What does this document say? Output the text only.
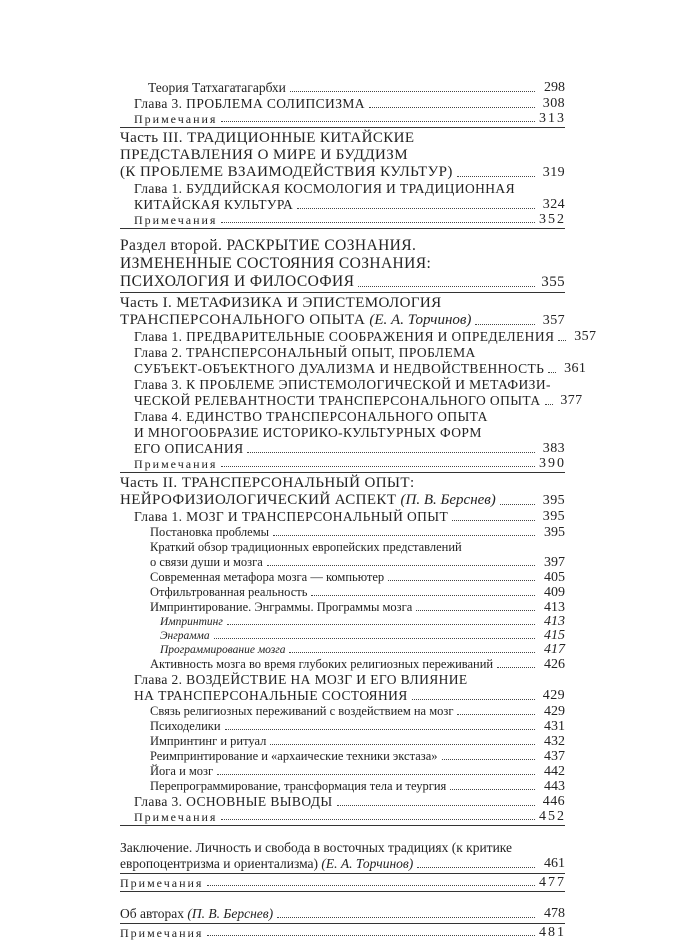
Теория Татхагатагарбхи	298
Глава 3. ПРОБЛЕМА СОЛИПСИЗМА	308
Примечания	313
Часть III. ТРАДИЦИОННЫЕ КИТАЙСКИЕ
ПРЕДСТАВЛЕНИЯ О МИРЕ И БУДДИЗМ
(К ПРОБЛЕМЕ ВЗАИМОДЕЙСТВИЯ КУЛЬТУР)	319
Глава 1. БУДДИЙСКАЯ КОСМОЛОГИЯ И ТРАДИЦИОННАЯ
КИТАЙСКАЯ КУЛЬТУРА	324
Примечания	352
Раздел второй. РАСКРЫТИЕ СОЗНАНИЯ.
ИЗМЕНЕННЫЕ СОСТОЯНИЯ СОЗНАНИЯ:
ПСИХОЛОГИЯ И ФИЛОСОФИЯ	355
Часть I. МЕТАФИЗИКА И ЭПИСТЕМОЛОГИЯ
ТРАНСПЕРСОНАЛЬНОГО ОПЫТА (Е. А. Торчинов)	357
Глава 1. ПРЕДВАРИТЕЛЬНЫЕ СООБРАЖЕНИЯ И ОПРЕДЕЛЕНИЯ 357
Глава 2. ТРАНСПЕРСОНАЛЬНЫЙ ОПЫТ, ПРОБЛЕМА
СУБЪЕКТ-ОБЪЕКТНОГО ДУАЛИЗМА И НЕДВОЙСТВЕННОСТЬ 361
Глава 3. К ПРОБЛЕМЕ ЭПИСТЕМОЛОГИЧЕСКОЙ И МЕТАФИЗИ-
ЧЕСКОЙ РЕЛЕВАНТНОСТИ ТРАНСПЕРСОНАЛЬНОГО ОПЫТА 377
Глава 4. ЕДИНСТВО ТРАНСПЕРСОНАЛЬНОГО ОПЫТА
И МНОГООБРАЗИЕ ИСТОРИКО-КУЛЬТУРНЫХ ФОРМ
ЕГО ОПИСАНИЯ	383
Примечания	390
Часть II. ТРАНСПЕРСОНАЛЬНЫЙ ОПЫТ:
НЕЙРОФИЗИОЛОГИЧЕСКИЙ АСПЕКТ (П. В. Берснев)	395
Глава 1. МОЗГ И ТРАНСПЕРСОНАЛЬНЫЙ ОПЫТ	395
Постановка проблемы	395
Краткий обзор традиционных европейских представлений
о связи души и мозга	397
Современная метафора мозга — компьютер	405
Отфильтрованная реальность	409
Импринтирование. Энграммы. Программы мозга	413
Импринтинг	413
Энграмма	415
Программирование мозга	417
Активность мозга во время глубоких религиозных переживаний	426
Глава 2. ВОЗДЕЙСТВИЕ НА МОЗГ И ЕГО ВЛИЯНИЕ
НА ТРАНСПЕРСОНАЛЬНЫЕ СОСТОЯНИЯ	429
Связь религиозных переживаний с воздействием на мозг	429
Психоделики	431
Импринтинг и ритуал	432
Реимпринтирование и «архаические техники экстаза»	437
Йога и мозг	442
Перепрограммирование, трансформация тела и теургия	443
Глава 3. ОСНОВНЫЕ ВЫВОДЫ	446
Примечания	452
Заключение. Личность и свобода в восточных традициях (к критике
европоцентризма и ориентализма) (Е. А. Торчинов)	461
Примечания	477
Об авторах (П. В. Берснев)	478
Примечания	481
